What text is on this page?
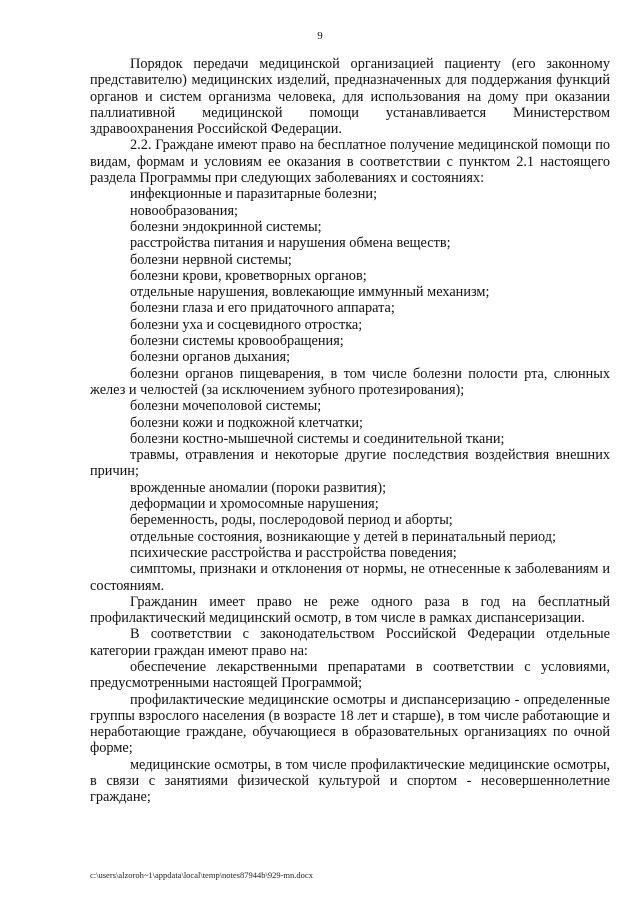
9

Порядок передачи медицинской организацией пациенту (его законному представителю) медицинских изделий, предназначенных для поддержания функций органов и систем организма человека, для использования на дому при оказании паллиативной медицинской помощи устанавливается Министерством здравоохранения Российской Федерации.

2.2. Граждане имеют право на бесплатное получение медицинской помощи по видам, формам и условиям ее оказания в соответствии с пунктом 2.1 настоящего раздела Программы при следующих заболеваниях и состояниях:

инфекционные и паразитарные болезни;

новообразования;

болезни эндокринной системы;

расстройства питания и нарушения обмена веществ;

болезни нервной системы;

болезни крови, кроветворных органов;

отдельные нарушения, вовлекающие иммунный механизм;

болезни глаза и его придаточного аппарата;

болезни уха и сосцевидного отростка;

болезни системы кровообращения;

болезни органов дыхания;

болезни органов пищеварения, в том числе болезни полости рта, слюнных желез и челюстей (за исключением зубного протезирования);

болезни мочеполовой системы;

болезни кожи и подкожной клетчатки;

болезни костно-мышечной системы и соединительной ткани;

травмы, отравления и некоторые другие последствия воздействия внешних причин;

врожденные аномалии (пороки развития);

деформации и хромосомные нарушения;

беременность, роды, послеродовой период и аборты;

отдельные состояния, возникающие у детей в перинатальный период;

психические расстройства и расстройства поведения;

симптомы, признаки и отклонения от нормы, не отнесенные к заболеваниям и состояниям.

Гражданин имеет право не реже одного раза в год на бесплатный профилактический медицинский осмотр, в том числе в рамках диспансеризации.

В соответствии с законодательством Российской Федерации отдельные категории граждан имеют право на:

обеспечение лекарственными препаратами в соответствии с условиями, предусмотренными настоящей Программой;

профилактические медицинские осмотры и диспансеризацию - определенные группы взрослого населения (в возрасте 18 лет и старше), в том числе работающие и неработающие граждане, обучающиеся в образовательных организациях по очной форме;

медицинские осмотры, в том числе профилактические медицинские осмотры, в связи с занятиями физической культурой и спортом - несовершеннолетние граждане;

c:\users\alzoroh~1\appdata\local\temp\notes87944b\929-mn.docx
